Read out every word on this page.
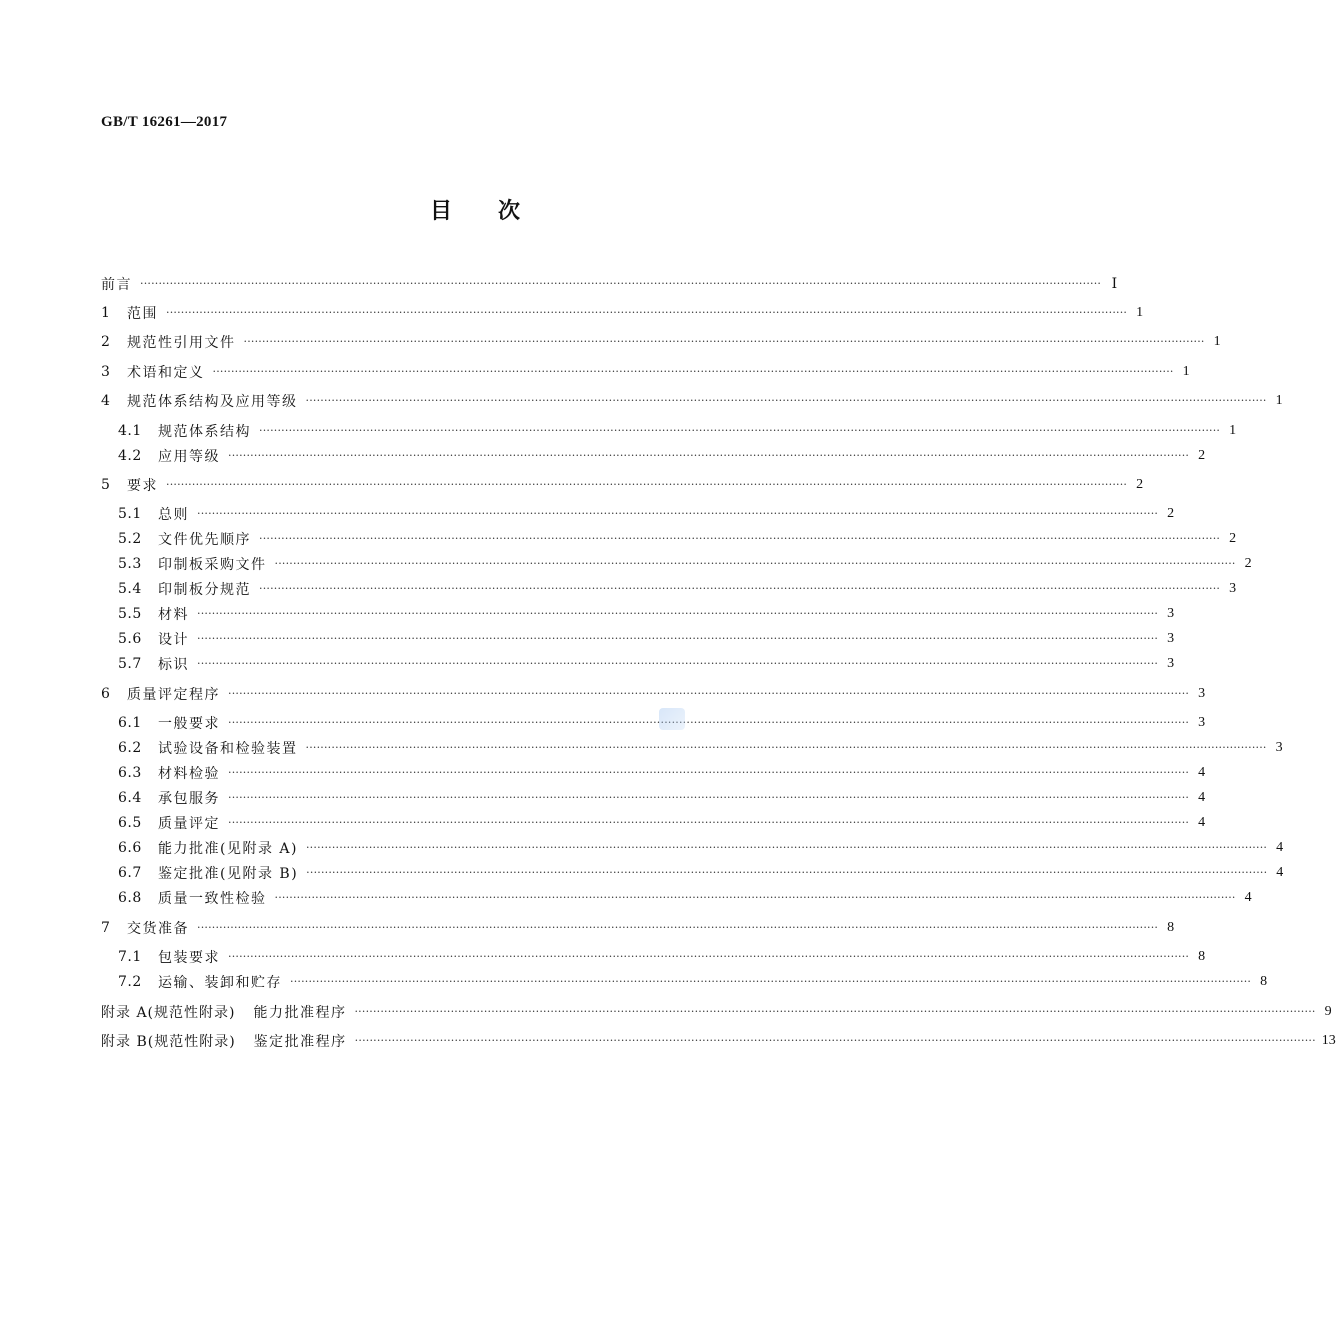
GB/T 16261—2017
目 次
前言 ···································································································································································································································································· Ⅰ
1	范围 ···································································································································································································································································· 1
2	规范性引用文件 ···································································································································································································································································· 1
3	术语和定义 ···································································································································································································································································· 1
4	规范体系结构及应用等级 ···································································································································································································································································· 1
4.1	规范体系结构 ···································································································································································································································································· 1
4.2	应用等级 ···································································································································································································································································· 2
5	要求 ···································································································································································································································································· 2
5.1	总则 ···································································································································································································································································· 2
5.2	文件优先顺序 ···································································································································································································································································· 2
5.3	印制板采购文件 ···································································································································································································································································· 2
5.4	印制板分规范 ···································································································································································································································································· 3
5.5	材料 ···································································································································································································································································· 3
5.6	设计 ···································································································································································································································································· 3
5.7	标识 ···································································································································································································································································· 3
6	质量评定程序 ···································································································································································································································································· 3
6.1	一般要求 ···································································································································································································································································· 3
6.2	试验设备和检验装置 ···································································································································································································································································· 3
6.3	材料检验 ···································································································································································································································································· 4
6.4	承包服务 ···································································································································································································································································· 4
6.5	质量评定 ···································································································································································································································································· 4
6.6	能力批准(见附录 A) ···································································································································································································································································· 4
6.7	鉴定批准(见附录 B) ···································································································································································································································································· 4
6.8	质量一致性检验 ···································································································································································································································································· 4
7	交货准备 ···································································································································································································································································· 8
7.1	包装要求 ···································································································································································································································································· 8
7.2	运输、装卸和贮存 ···································································································································································································································································· 8
附录 A(规范性附录) 能力批准程序 ···································································································································································································································································· 9
附录 B(规范性附录) 鉴定批准程序 ···································································································································································································································································· 13
